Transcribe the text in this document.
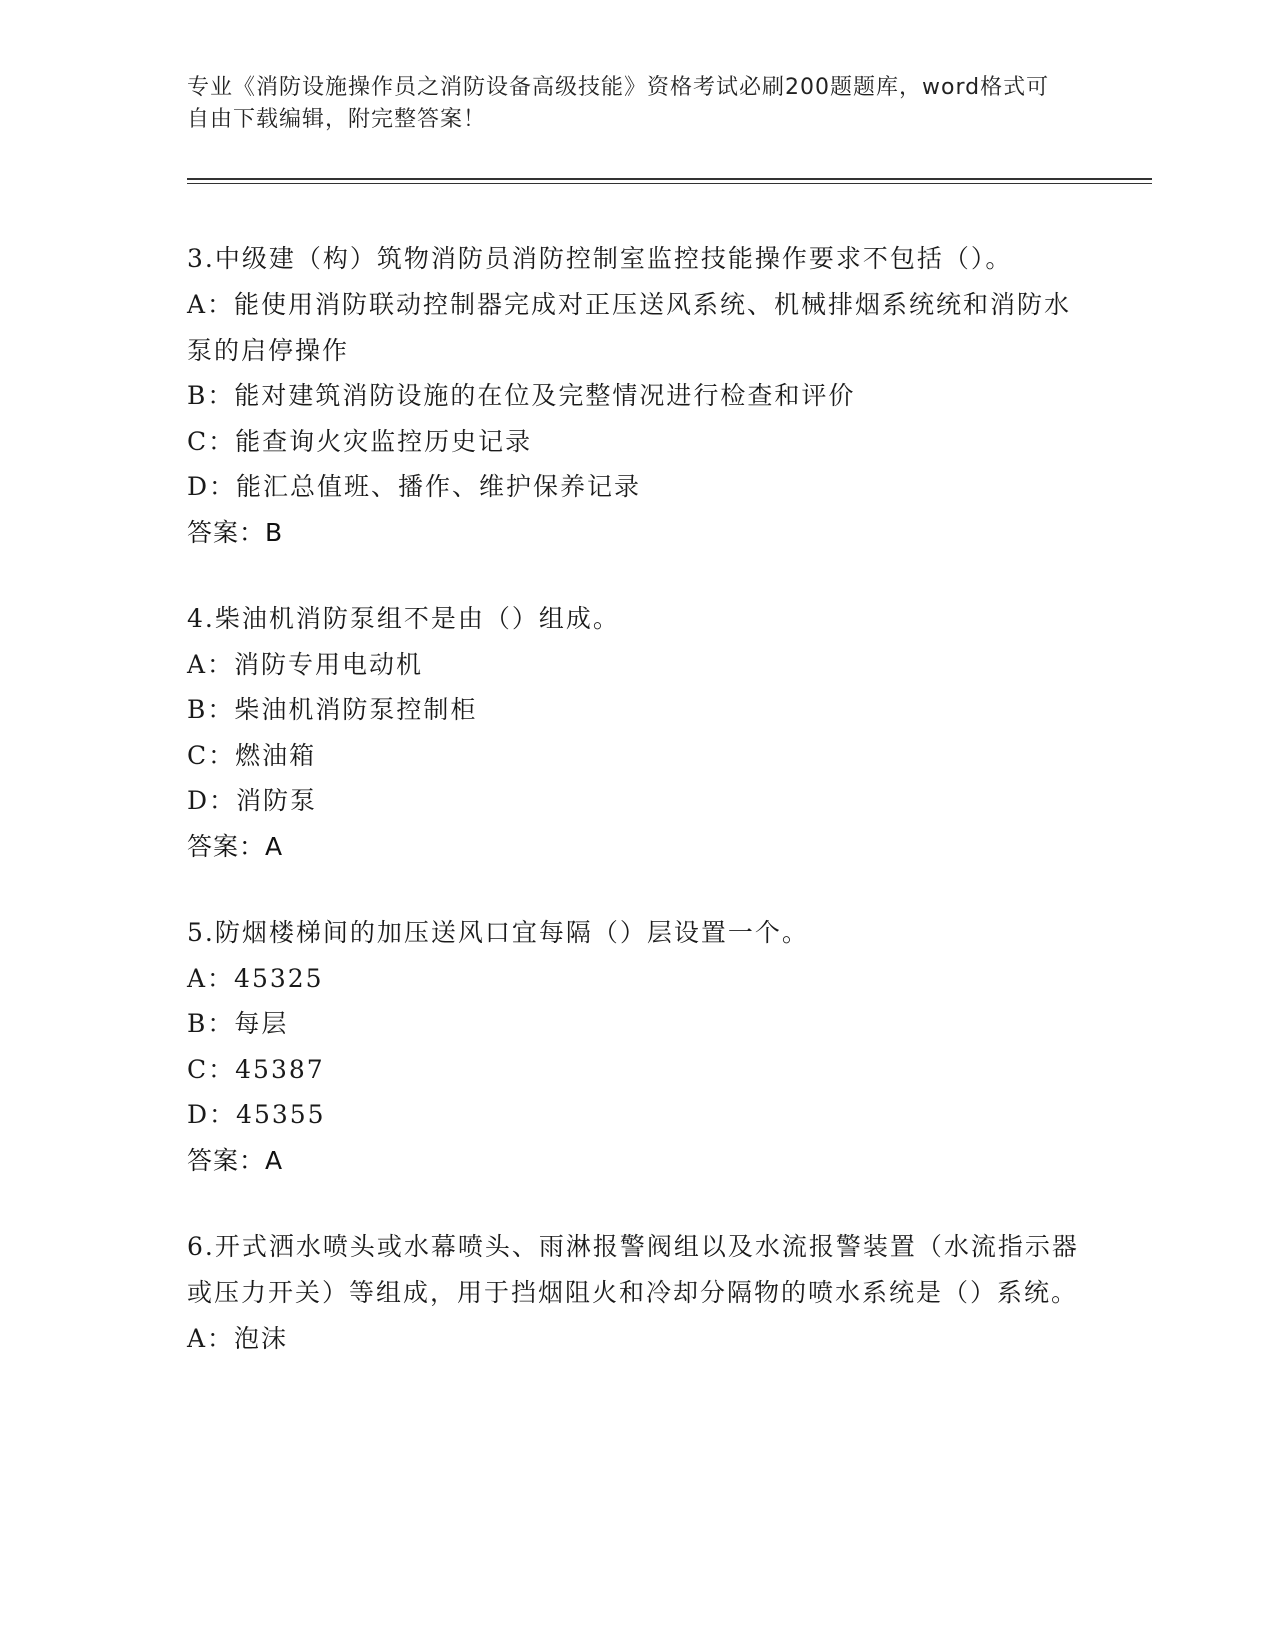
专业《消防设施操作员之消防设备高级技能》资格考试必刷200题题库，word格式可自由下载编辑，附完整答案！

3.中级建（构）筑物消防员消防控制室监控技能操作要求不包括（）。

A：能使用消防联动控制器完成对正压送风系统、机械排烟系统统和消防水泵的启停操作

B：能对建筑消防设施的在位及完整情况进行检查和评价

C：能查询火灾监控历史记录

D：能汇总值班、播作、维护保养记录

答案：B

4.柴油机消防泵组不是由（）组成。

A：消防专用电动机

B：柴油机消防泵控制柜

C：燃油箱

D：消防泵

答案：A

5.防烟楼梯间的加压送风口宜每隔（）层设置一个。

A：45325

B：每层

C：45387

D：45355

答案：A

6.开式洒水喷头或水幕喷头、雨淋报警阀组以及水流报警装置（水流指示器或压力开关）等组成，用于挡烟阻火和冷却分隔物的喷水系统是（）系统。

A：泡沫
